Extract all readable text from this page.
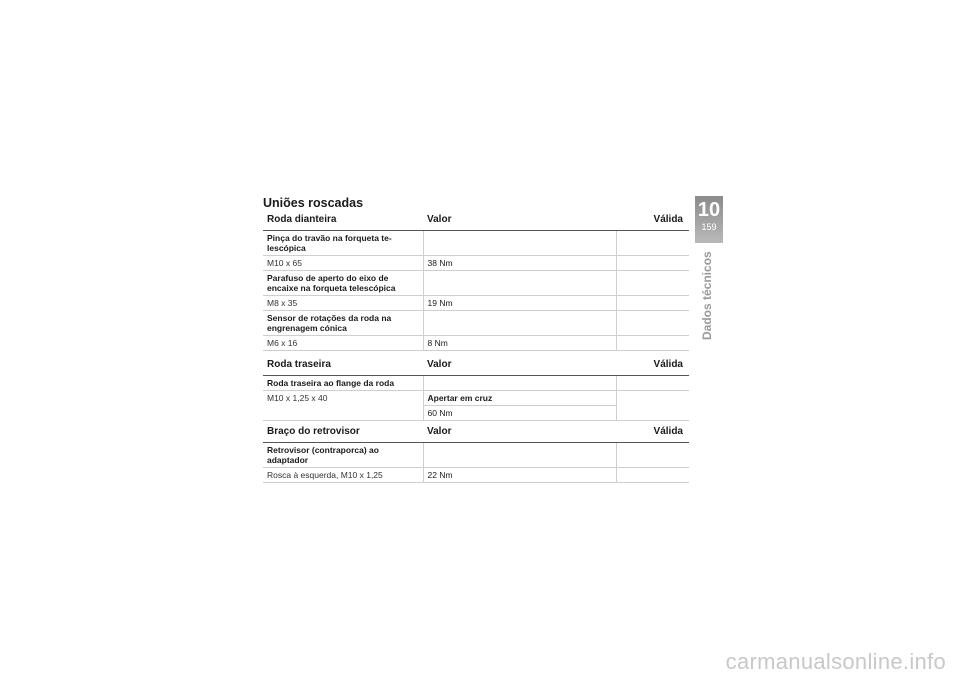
Uniões roscadas
Roda dianteira	Valor	Válida
Pinça do travão na forqueta te-lescópica		
M10 x 65	38 Nm	
Parafuso de aperto do eixo de encaixe na forqueta telescópica		
M8 x 35	19 Nm	
Sensor de rotações da roda na engrenagem cónica		
M6 x 16	8 Nm	
Roda traseira	Valor	Válida
Roda traseira ao flange da roda		
M10 x 1,25 x 40	Apertar em cruz	
	60 Nm	
Braço do retrovisor	Valor	Válida
Retrovisor (contraporca) ao adaptador		
Rosca à esquerda, M10 x 1,25	22 Nm	
10
159
Dados técnicos
carmanualsonline.info
